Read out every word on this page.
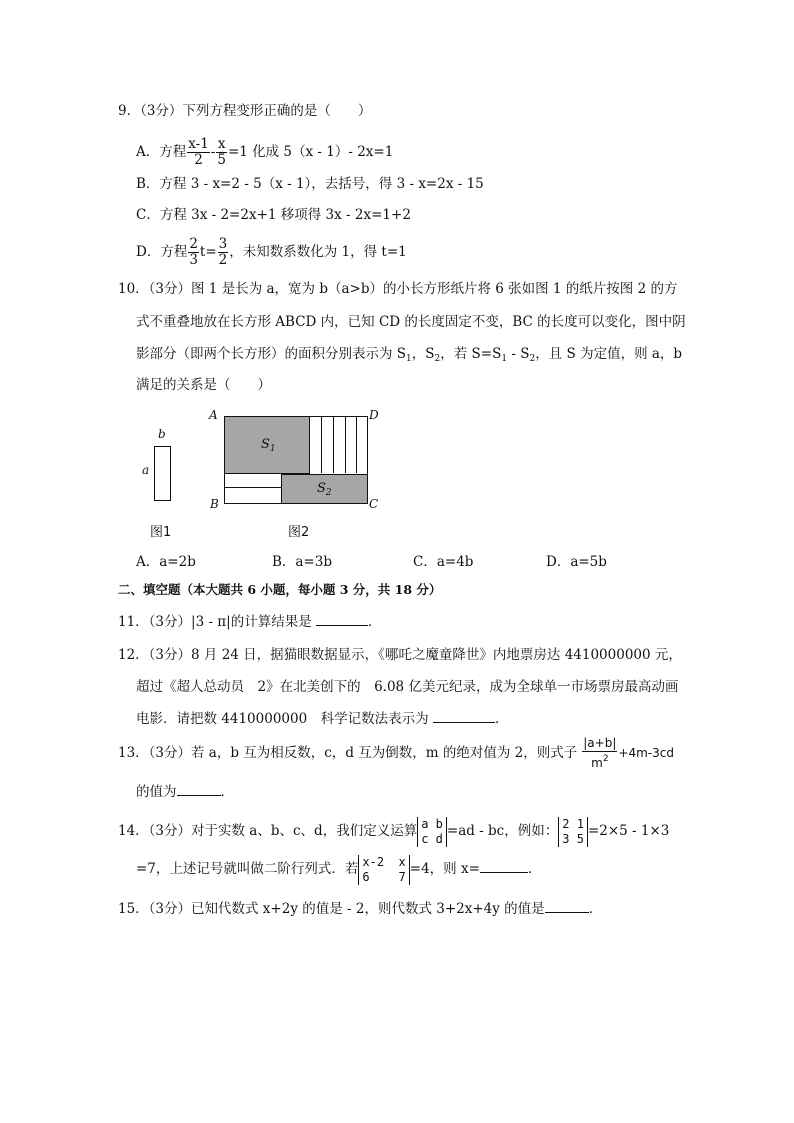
9．（3分）下列方程变形正确的是（　　）
A．方程 $\frac{x-1}{2} - \frac{x}{5} =1$ 化成 5（x - 1）- 2x=1
B．方程 3 - x=2 - 5（x - 1），去括号，得 3 - x=2x - 15
C．方程 3x - 2=2x+1 移项得 3x - 2x=1+2
D．方程 $\frac{2}{3} t= \frac{3}{2}$ ，未知数系数化为 1，得 t=1
10．（3分）图 1 是长为 a，宽为 b（a>b）的小长方形纸片将 6 张如图 1 的纸片按图 2 的方
式不重叠地放在长方形 ABCD 内，已知 CD 的长度固定不变，BC 的长度可以变化，图中阴
影部分（即两个长方形）的面积分别表示为 $S_1$，$S_2$，若 $S=S_1 - S_2$，且 S 为定值，则 a，b
满足的关系是（　　）
b
a
图1
A	D
B	C
$S_1$
$S_2$
图2
A．a=2b	B．a=3b	C．a=4b	D．a=5b
二、填空题（本大题共 6 小题，每小题 3 分，共 18 分）
11．（3分）|3 - π|的计算结果是	．
12．（3分）8 月 24 日，据猫眼数据显示，《哪吒之魔童降世》内地票房达 4410000000 元，
超过《超人总动员　2》在北美创下的　6.08 亿美元纪录，成为全球单一市场票房最高动画
电影．请把数 4410000000　科学记数法表示为	．
13．（3分）若 a，b 互为相反数，c，d 互为倒数，m 的绝对值为 2，则式子 $\frac{|a+b|}{m^2} +4m-3cd$
的值为	．
14．（3分）对于实数 a、b、c、d，我们定义运算 a b
c d =ad - bc，例如： 2 1
3 5 =2×5 - 1×3
=7，上述记号就叫做二阶行列式．若 x-2  x
6    7 =4，则 x=	．
15．（3分）已知代数式 x+2y 的值是 - 2，则代数式 3+2x+4y 的值是	．
